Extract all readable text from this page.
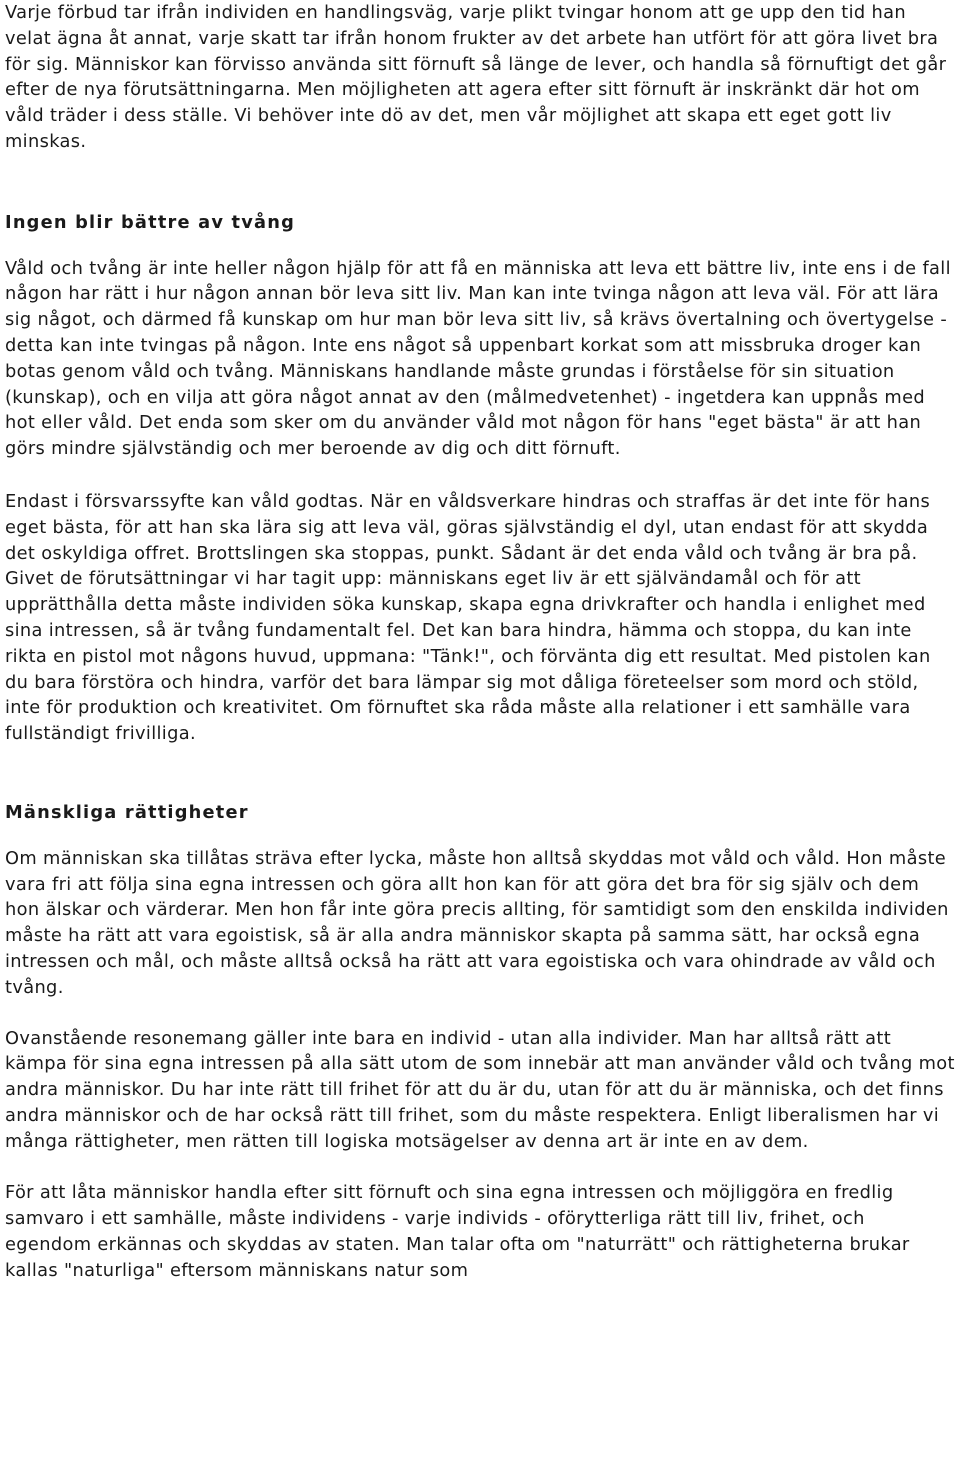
Varje förbud tar ifrån individen en handlingsväg, varje plikt tvingar honom att ge upp den tid han velat ägna åt annat, varje skatt tar ifrån honom frukter av det arbete han utfört för att göra livet bra för sig. Människor kan förvisso använda sitt förnuft så länge de lever, och handla så förnuftigt det går efter de nya förutsättningarna. Men möjligheten att agera efter sitt förnuft är inskränkt där hot om våld träder i dess ställe. Vi behöver inte dö av det, men vår möjlighet att skapa ett eget gott liv minskas.

Ingen blir bättre av tvång

Våld och tvång är inte heller någon hjälp för att få en människa att leva ett bättre liv, inte ens i de fall någon har rätt i hur någon annan bör leva sitt liv. Man kan inte tvinga någon att leva väl. För att lära sig något, och därmed få kunskap om hur man bör leva sitt liv, så krävs övertalning och övertygelse - detta kan inte tvingas på någon. Inte ens något så uppenbart korkat som att missbruka droger kan botas genom våld och tvång. Människans handlande måste grundas i förståelse för sin situation (kunskap), och en vilja att göra något annat av den (målmedvetenhet) - ingetdera kan uppnås med hot eller våld. Det enda som sker om du använder våld mot någon för hans "eget bästa" är att han görs mindre självständig och mer beroende av dig och ditt förnuft.

Endast i försvarssyfte kan våld godtas. När en våldsverkare hindras och straffas är det inte för hans eget bästa, för att han ska lära sig att leva väl, göras självständig el dyl, utan endast för att skydda det oskyldiga offret. Brottslingen ska stoppas, punkt. Sådant är det enda våld och tvång är bra på.

Givet de förutsättningar vi har tagit upp: människans eget liv är ett självändamål och för att upprätthålla detta måste individen söka kunskap, skapa egna drivkrafter och handla i enlighet med sina intressen, så är tvång fundamentalt fel. Det kan bara hindra, hämma och stoppa, du kan inte rikta en pistol mot någons huvud, uppmana: "Tänk!", och förvänta dig ett resultat. Med pistolen kan du bara förstöra och hindra, varför det bara lämpar sig mot dåliga företeelser som mord och stöld, inte för produktion och kreativitet. Om förnuftet ska råda måste alla relationer i ett samhälle vara fullständigt frivilliga.

Mänskliga rättigheter

Om människan ska tillåtas sträva efter lycka, måste hon alltså skyddas mot våld och våld. Hon måste vara fri att följa sina egna intressen och göra allt hon kan för att göra det bra för sig själv och dem hon älskar och värderar. Men hon får inte göra precis allting, för samtidigt som den enskilda individen måste ha rätt att vara egoistisk, så är alla andra människor skapta på samma sätt, har också egna intressen och mål, och måste alltså också ha rätt att vara egoistiska och vara ohindrade av våld och tvång.

Ovanstående resonemang gäller inte bara en individ - utan alla individer. Man har alltså rätt att kämpa för sina egna intressen på alla sätt utom de som innebär att man använder våld och tvång mot andra människor. Du har inte rätt till frihet för att du är du, utan för att du är människa, och det finns andra människor och de har också rätt till frihet, som du måste respektera. Enligt liberalismen har vi många rättigheter, men rätten till logiska motsägelser av denna art är inte en av dem.

För att låta människor handla efter sitt förnuft och sina egna intressen och möjliggöra en fredlig samvaro i ett samhälle, måste individens - varje individs - oförytterliga rätt till liv, frihet, och egendom erkännas och skyddas av staten. Man talar ofta om "naturrätt" och rättigheterna brukar kallas "naturliga" eftersom människans natur som
